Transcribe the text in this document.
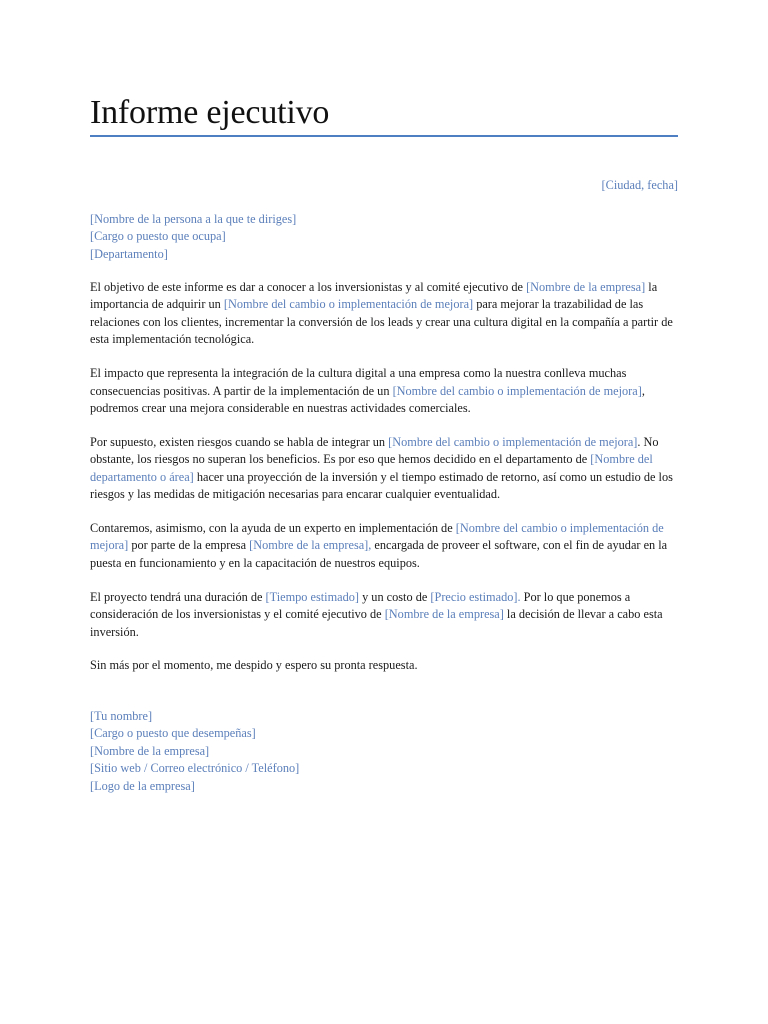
Informe ejecutivo
[Ciudad, fecha]
[Nombre de la persona a la que te diriges]
[Cargo o puesto que ocupa]
[Departamento]

El objetivo de este informe es dar a conocer a los inversionistas y al comité ejecutivo de [Nombre de la empresa] la importancia de adquirir un [Nombre del cambio o implementación de mejora] para mejorar la trazabilidad de las relaciones con los clientes, incrementar la conversión de los leads y crear una cultura digital en la compañía a partir de esta implementación tecnológica.

El impacto que representa la integración de la cultura digital a una empresa como la nuestra conlleva muchas consecuencias positivas. A partir de la implementación de un [Nombre del cambio o implementación de mejora], podremos crear una mejora considerable en nuestras actividades comerciales.

Por supuesto, existen riesgos cuando se habla de integrar un [Nombre del cambio o implementación de mejora]. No obstante, los riesgos no superan los beneficios. Es por eso que hemos decidido en el departamento de [Nombre del departamento o área] hacer una proyección de la inversión y el tiempo estimado de retorno, así como un estudio de los riesgos y las medidas de mitigación necesarias para encarar cualquier eventualidad.

Contaremos, asimismo, con la ayuda de un experto en implementación de [Nombre del cambio o implementación de mejora] por parte de la empresa [Nombre de la empresa], encargada de proveer el software, con el fin de ayudar en la puesta en funcionamiento y en la capacitación de nuestros equipos.

El proyecto tendrá una duración de [Tiempo estimado] y un costo de [Precio estimado]. Por lo que ponemos a consideración de los inversionistas y el comité ejecutivo de [Nombre de la empresa] la decisión de llevar a cabo esta inversión.

Sin más por el momento, me despido y espero su pronta respuesta.

[Tu nombre]
[Cargo o puesto que desempeñas]
[Nombre de la empresa]
[Sitio web / Correo electrónico / Teléfono]
[Logo de la empresa]
